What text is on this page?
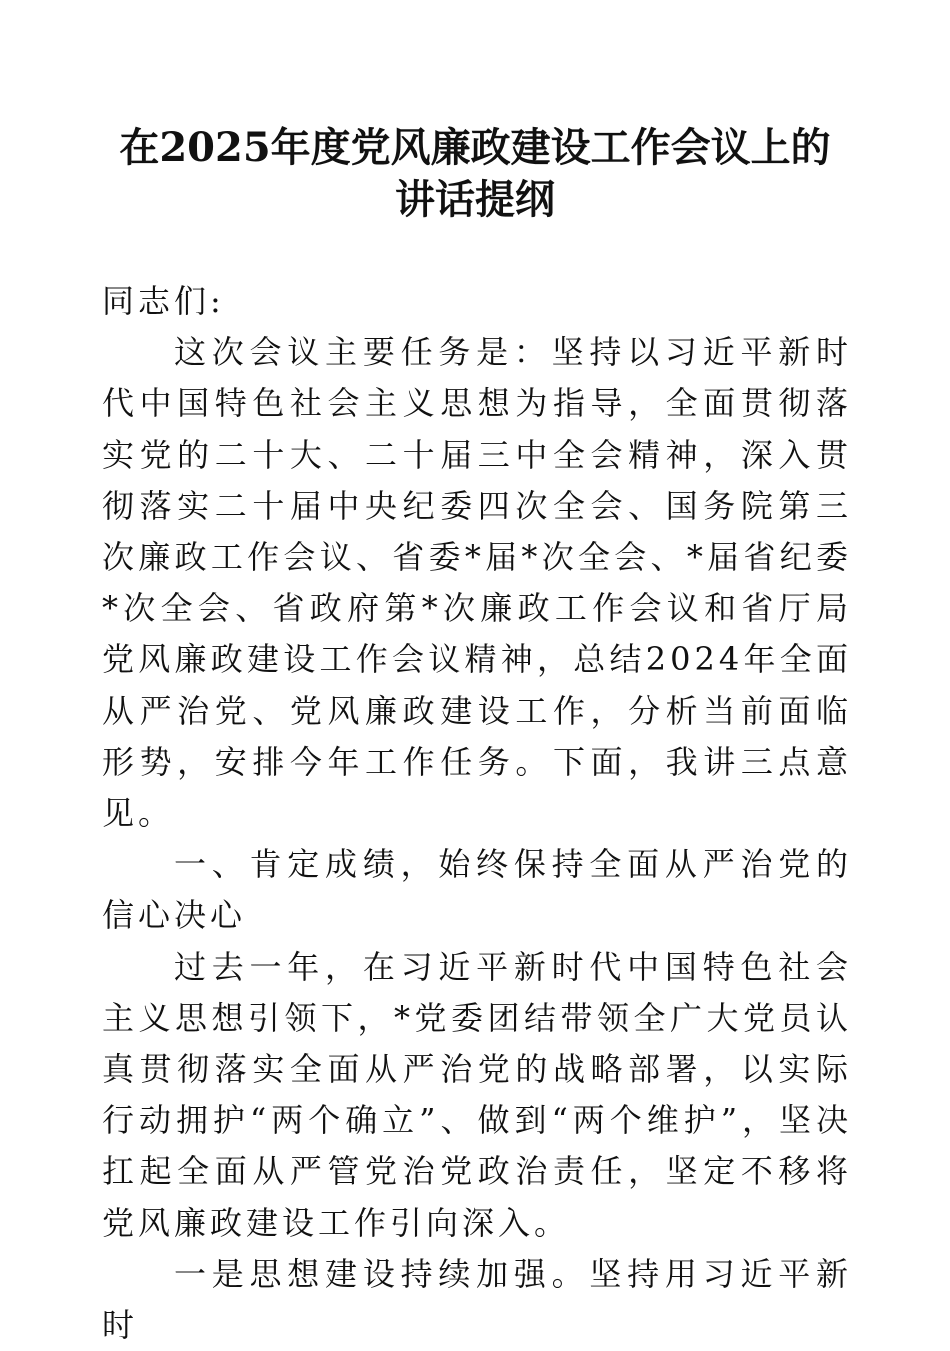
在2025年度党风廉政建设工作会议上的
讲话提纲

同志们:

这次会议主要任务是：坚持以习近平新时代中国特色社会主义思想为指导，全面贯彻落实党的二十大、二十届三中全会精神，深入贯彻落实二十届中央纪委四次全会、国务院第三次廉政工作会议、省委*届*次全会、*届省纪委*次全会、省政府第*次廉政工作会议和省厅局党风廉政建设工作会议精神，总结2024年全面从严治党、党风廉政建设工作，分析当前面临形势，安排今年工作任务。下面，我讲三点意见。

一、肯定成绩，始终保持全面从严治党的信心决心

过去一年，在习近平新时代中国特色社会主义思想引领下，*党委团结带领全广大党员认真贯彻落实全面从严治党的战略部署，以实际行动拥护“两个确立”、做到“两个维护”，坚决扛起全面从严管党治党政治责任，坚定不移将党风廉政建设工作引向深入。

一是思想建设持续加强。坚持用习近平新时
